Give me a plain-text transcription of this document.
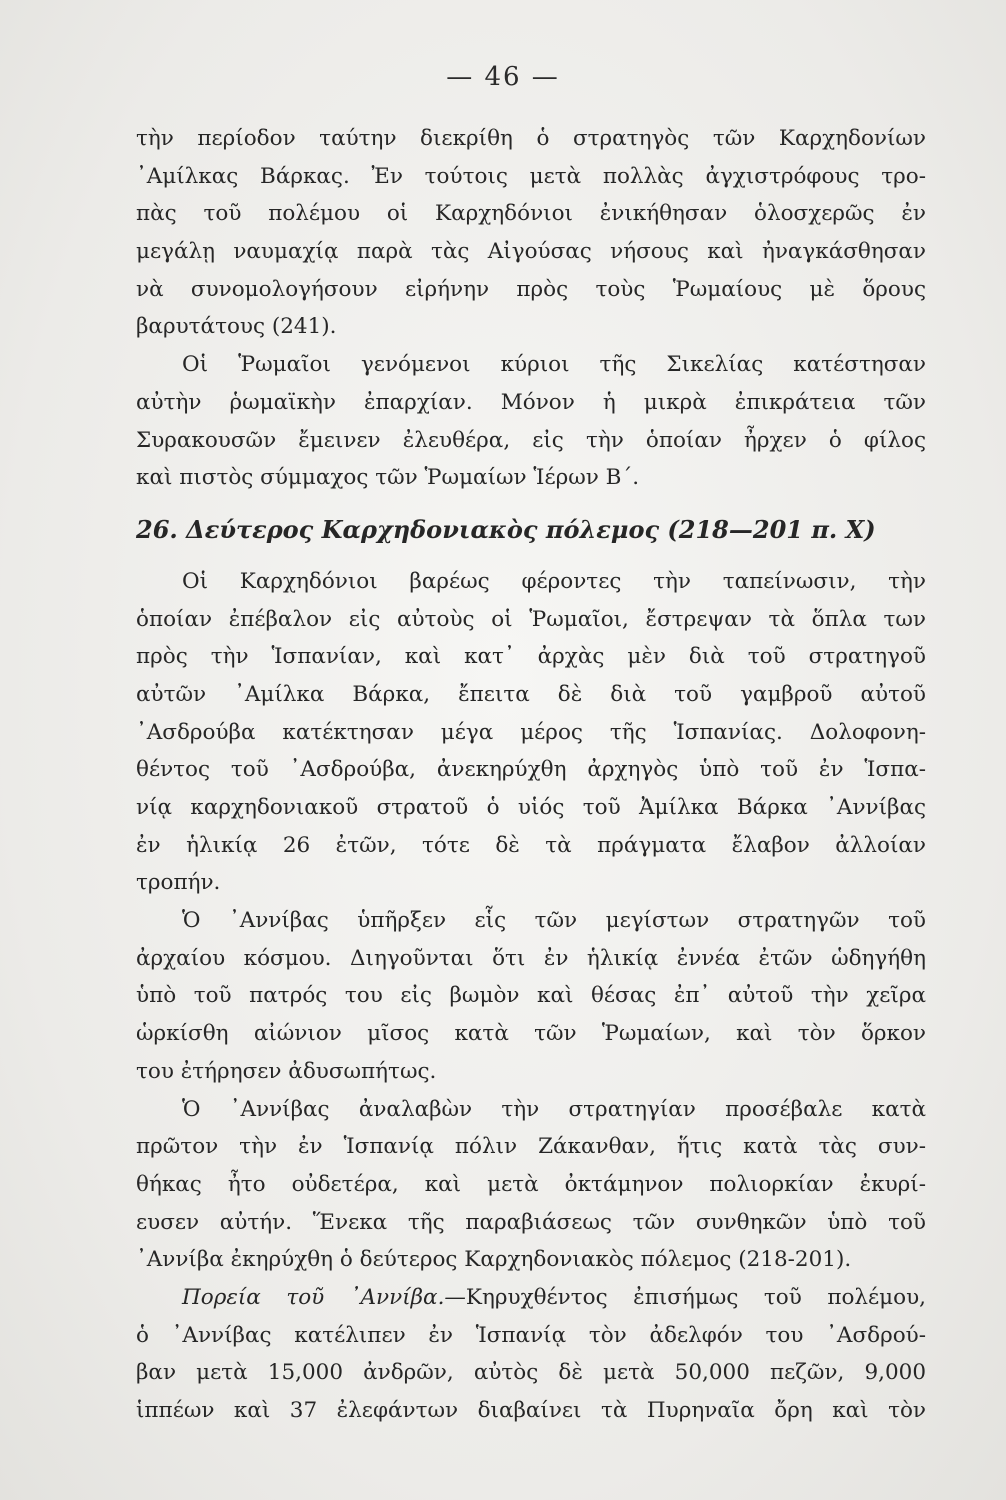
— 46 —
τὴν περίοδον ταύτην διεκρίθη ὁ στρατηγὸς τῶν Καρχηδονίων
᾿Αμίλκας Βάρκας. Ἐν τούτοις μετὰ πολλὰς ἀγχιστρόφους τρο-
πὰς τοῦ πολέμου οἱ Καρχηδόνιοι ἐνικήθησαν ὁλοσχερῶς ἐν
μεγάλῃ ναυμαχίᾳ παρὰ τὰς Αἰγούσας νήσους καὶ ἠναγκάσθησαν
νὰ συνομολογήσουν εἰρήνην πρὸς τοὺς Ῥωμαίους μὲ ὅρους
βαρυτάτους (241).
Οἱ Ῥωμαῖοι γενόμενοι κύριοι τῆς Σικελίας κατέστησαν
αὐτὴν ῥωμαϊκὴν ἐπαρχίαν. Μόνον ἡ μικρὰ ἐπικράτεια τῶν
Συρακουσῶν ἔμεινεν ἐλευθέρα, εἰς τὴν ὁποίαν ἦρχεν ὁ φίλος
καὶ πιστὸς σύμμαχος τῶν Ῥωμαίων Ἱέρων Β΄.
26. Δεύτερος Καρχηδονιακὸς πόλεμος (218—201 π. Χ)
Οἱ Καρχηδόνιοι βαρέως φέροντες τὴν ταπείνωσιν, τὴν
ὁποίαν ἐπέβαλον εἰς αὐτοὺς οἱ Ῥωμαῖοι, ἔστρεψαν τὰ ὅπλα των
πρὸς τὴν Ἱσπανίαν, καὶ κατ᾿ ἀρχὰς μὲν διὰ τοῦ στρατηγοῦ
αὐτῶν ᾿Αμίλκα Βάρκα, ἔπειτα δὲ διὰ τοῦ γαμβροῦ αὐτοῦ
᾿Ασδρούβα κατέκτησαν μέγα μέρος τῆς Ἱσπανίας. Δολοφονη-
θέντος τοῦ ᾿Ασδρούβα, ἀνεκηρύχθη ἀρχηγὸς ὑπὸ τοῦ ἐν Ἱσπα-
νίᾳ καρχηδονιακοῦ στρατοῦ ὁ υἱός τοῦ Ἀμίλκα Βάρκα ᾿Αννίβας
ἐν ἡλικίᾳ 26 ἐτῶν, τότε δὲ τὰ πράγματα ἔλαβον ἀλλοίαν
τροπήν.
Ὁ ᾿Αννίβας ὑπῆρξεν εἷς τῶν μεγίστων στρατηγῶν τοῦ
ἀρχαίου κόσμου. Διηγοῦνται ὅτι ἐν ἡλικίᾳ ἐννέα ἐτῶν ὡδηγήθη
ὑπὸ τοῦ πατρός του εἰς βωμὸν καὶ θέσας ἐπ᾿ αὐτοῦ τὴν χεῖρα
ὡρκίσθη αἰώνιον μῖσος κατὰ τῶν Ῥωμαίων, καὶ τὸν ὅρκον
του ἐτήρησεν ἀδυσωπήτως.
Ὁ ᾿Αννίβας ἀναλαβὼν τὴν στρατηγίαν προσέβαλε κατὰ
πρῶτον τὴν ἐν Ἱσπανίᾳ πόλιν Ζάκανθαν, ἥτις κατὰ τὰς συν-
θήκας ἦτο οὐδετέρα, καὶ μετὰ ὀκτάμηνον πολιορκίαν ἐκυρί-
ευσεν αὐτήν. Ἕνεκα τῆς παραβιάσεως τῶν συνθηκῶν ὑπὸ τοῦ
᾿Αννίβα ἐκηρύχθη ὁ δεύτερος Καρχηδονιακὸς πόλεμος (218-201).
Πορεία τοῦ ᾿Αννίβα.—Κηρυχθέντος ἐπισήμως τοῦ πολέμου,
ὁ ᾿Αννίβας κατέλιπεν ἐν Ἱσπανίᾳ τὸν ἀδελφόν του ᾿Ασδρού-
βαν μετὰ 15,000 ἀνδρῶν, αὐτὸς δὲ μετὰ 50,000 πεζῶν, 9,000
ἱππέων καὶ 37 ἐλεφάντων διαβαίνει τὰ Πυρηναῖα ὄρη καὶ τὸν
